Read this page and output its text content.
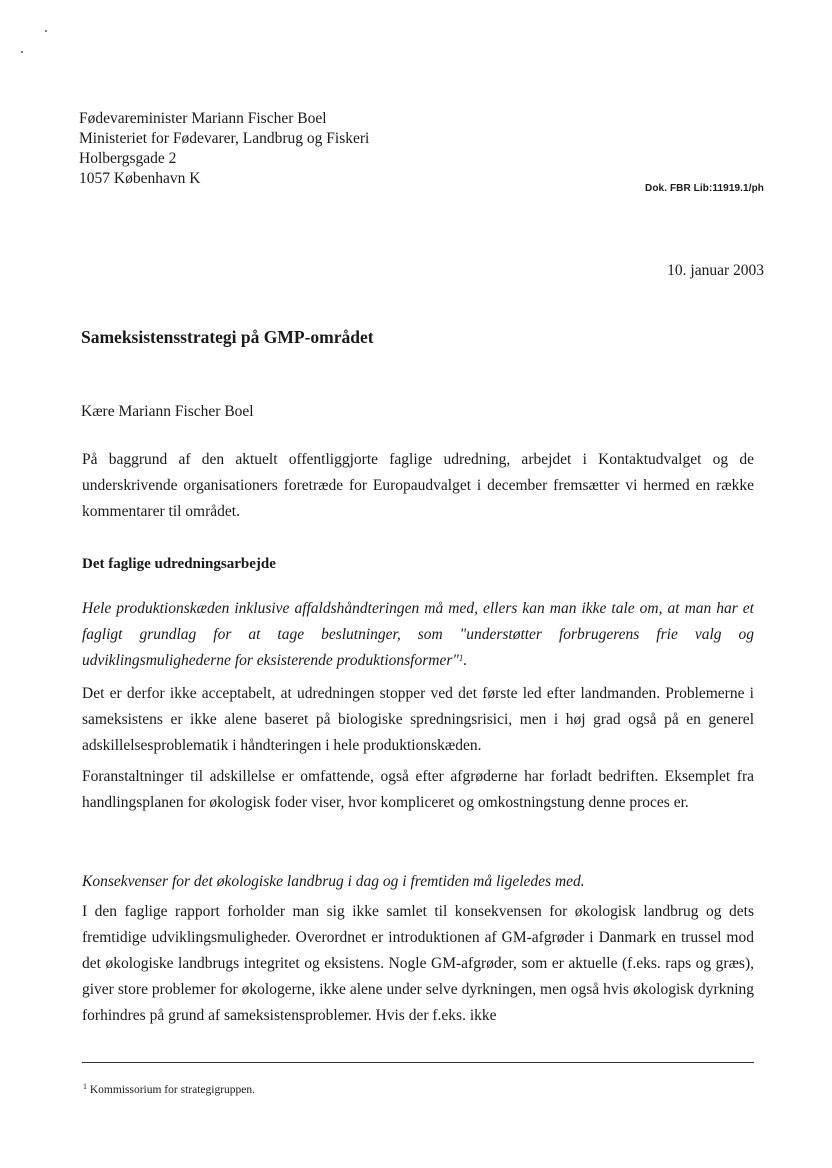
Fødevareminister Mariann Fischer Boel
Ministeriet for Fødevarer, Landbrug og Fiskeri
Holbergsgade 2
1057 København K
Dok. FBR Lib:11919.1/ph
10. januar 2003
Sameksistensstrategi på GMP-området
Kære Mariann Fischer Boel
På baggrund af den aktuelt offentliggjorte faglige udredning, arbejdet i Kontaktudvalget og de underskrivende organisationers foretræde for Europaudvalget i december fremsætter vi hermed en række kommentarer til området.
Det faglige udredningsarbejde
Hele produktionskæden inklusive affaldshåndteringen må med, ellers kan man ikke tale om, at man har et fagligt grundlag for at tage beslutninger, som "understøtter forbrugerens frie valg og udviklingsmulighederne for eksisterende produktionsformer"$^1$.
Det er derfor ikke acceptabelt, at udredningen stopper ved det første led efter landmanden. Problemerne i sameksistens er ikke alene baseret på biologiske spredningsrisici, men i høj grad også på en generel adskillelsesproblematik i håndteringen i hele produktionskæden.
Foranstaltninger til adskillelse er omfattende, også efter afgrøderne har forladt bedriften. Eksemplet fra handlingsplanen for økologisk foder viser, hvor kompliceret og omkostningstung denne proces er.
Konsekvenser for det økologiske landbrug i dag og i fremtiden må ligeledes med.
I den faglige rapport forholder man sig ikke samlet til konsekvensen for økologisk landbrug og dets fremtidige udviklingsmuligheder. Overordnet er introduktionen af GM-afgrøder i Danmark en trussel mod det økologiske landbrugs integritet og eksistens. Nogle GM-afgrøder, som er aktuelle (f.eks. raps og græs), giver store problemer for økologerne, ikke alene under selve dyrkningen, men også hvis økologisk dyrkning forhindres på grund af sameksistensproblemer. Hvis der f.eks. ikke
$^1$ Kommissorium for strategigruppen.
